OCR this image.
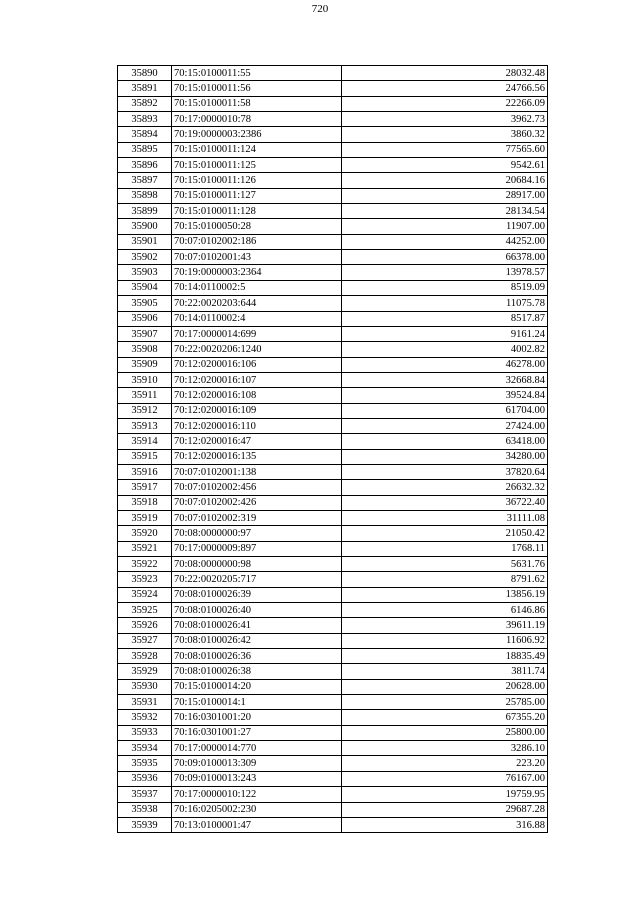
720
35890	70:15:0100011:55	28032.48
35891	70:15:0100011:56	24766.56
35892	70:15:0100011:58	22266.09
35893	70:17:0000010:78	3962.73
35894	70:19:0000003:2386	3860.32
35895	70:15:0100011:124	77565.60
35896	70:15:0100011:125	9542.61
35897	70:15:0100011:126	20684.16
35898	70:15:0100011:127	28917.00
35899	70:15:0100011:128	28134.54
35900	70:15:0100050:28	11907.00
35901	70:07:0102002:186	44252.00
35902	70:07:0102001:43	66378.00
35903	70:19:0000003:2364	13978.57
35904	70:14:0110002:5	8519.09
35905	70:22:0020203:644	11075.78
35906	70:14:0110002:4	8517.87
35907	70:17:0000014:699	9161.24
35908	70:22:0020206:1240	4002.82
35909	70:12:0200016:106	46278.00
35910	70:12:0200016:107	32668.84
35911	70:12:0200016:108	39524.84
35912	70:12:0200016:109	61704.00
35913	70:12:0200016:110	27424.00
35914	70:12:0200016:47	63418.00
35915	70:12:0200016:135	34280.00
35916	70:07:0102001:138	37820.64
35917	70:07:0102002:456	26632.32
35918	70:07:0102002:426	36722.40
35919	70:07:0102002:319	31111.08
35920	70:08:0000000:97	21050.42
35921	70:17:0000009:897	1768.11
35922	70:08:0000000:98	5631.76
35923	70:22:0020205:717	8791.62
35924	70:08:0100026:39	13856.19
35925	70:08:0100026:40	6146.86
35926	70:08:0100026:41	39611.19
35927	70:08:0100026:42	11606.92
35928	70:08:0100026:36	18835.49
35929	70:08:0100026:38	3811.74
35930	70:15:0100014:20	20628.00
35931	70:15:0100014:1	25785.00
35932	70:16:0301001:20	67355.20
35933	70:16:0301001:27	25800.00
35934	70:17:0000014:770	3286.10
35935	70:09:0100013:309	223.20
35936	70:09:0100013:243	76167.00
35937	70:17:0000010:122	19759.95
35938	70:16:0205002:230	29687.28
35939	70:13:0100001:47	316.88
